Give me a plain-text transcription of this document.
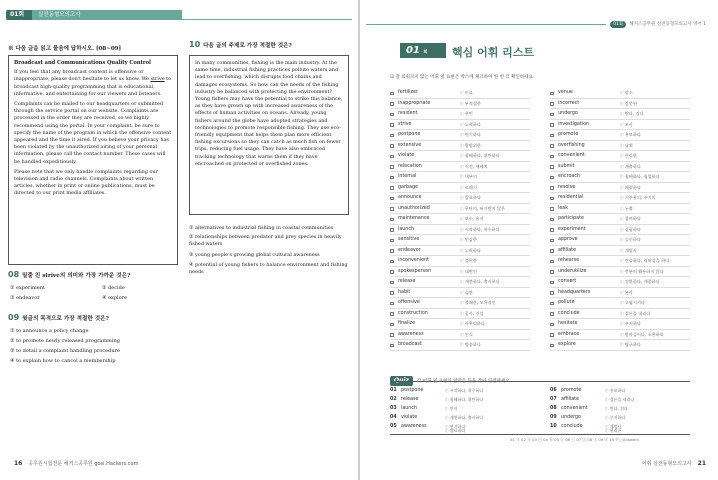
01회	실전동형모의고사
※ 다음 글을 읽고 물음에 답하시오. [08~09]
Broadcast and Communications Quality Control

If you feel that any broadcast content is offensive or inappropriate, please don't hesitate to let us know. We strive to broadcast high-quality programming that is educational, informative, and entertaining for our viewers and listeners.

Complaints can be mailed to our headquarters or submitted through the service portal on our website. Complaints are processed in the order they are received, so we highly recommend using the portal. In your complaint, be sure to specify the name of the program in which the offensive content appeared and the time it aired. If you believe your privacy has been violated by the unauthorized airing of your personal information, please call the contact number. These cases will be handled expeditiously.

Please note that we only handle complaints regarding our television and radio channels. Complaints about written articles, whether in print or online publications, must be directed to our print media affiliates.

08 밑줄 친 strive의 의미와 가장 가까운 것은?
① experiment	② decide
③ endeavor	④ explore
09 윗글의 목적으로 가장 적절한 것은?
① to announce a policy change
② to promote newly released programming
③ to detail a complaint handling procedure
④ to explain how to cancel a membership
10 다음 글의 주제로 가장 적절한 것은?
In many communities, fishing is the main industry. At the same time, industrial fishing practices pollute waters and lead to overfishing, which disrupts food chains and damages ecosystems. So how can the needs of the fishing industry be balanced with protecting the environment? Young fishers may have the potential to strike this balance, as they have grown up with increased awareness of the effects of human activities on oceans. Already, young fishers around the globe have adopted strategies and technologies to promote responsible fishing. They use eco-friendly equipment that helps them plan more efficient fishing excursions so they can catch as much fish on fewer trips, reducing fuel usage. They have also embraced tracking technology that warns them if they have encroached on protected or overfished zones.
① alternatives to industrial fishing in coastal communities
② relationships between predator and prey species in heavily fished waters
③ young people's growing global cultural awareness
④ potential of young fishers to balance environment and fishing needs
16 공무원시험전문 해커스공무원 gosi.Hackers.com
01회 해커스공무원 실전동형모의고사 영어 1
01 회	핵심 어휘 리스트
☑ 잘 외워지지 않는 어휘 옆 표현은 박스에 체크하여 한 번 더 확인하세요.
fertilizer	ⓘ 비료
inappropriate	ⓘ 부적절한
resident	ⓘ 주민
strive	ⓘ 노력하다
postpone	ⓘ 연기하다
extensive	ⓘ 광범위한
violate	ⓘ 침해하다, 위반하다
relocation	ⓘ 이전, 재배치
internal	ⓘ 내부의
garbage	ⓘ 쓰레기
announce	ⓘ 발표하다
unauthorized	ⓘ 무단의, 허가받지 않은
maintenance	ⓘ 보수, 유지
launch	ⓘ 시작하다, 착수하다
sensitive	ⓘ 민감한
endeavor	ⓘ 노력하다
inconvenient	ⓘ 불편한
spokesperson	ⓘ 대변인
release	ⓘ 개봉하다, 출시하다
habit	ⓘ 습관
offensive	ⓘ 불쾌한, 모욕적인
construction	ⓘ 공사, 건설
finalize	ⓘ 마무리하다
awareness	ⓘ 인식
broadcast	ⓘ 방송하다
venue	ⓘ 장소
incorrect	ⓘ 잘못된
undergo	ⓘ 받다, 겪다
investigation	ⓘ 조사
promote	ⓘ 홍보하다
overfishing	ⓘ 남획
convenient	ⓘ 편리한
submit	ⓘ 제출하다
encroach	ⓘ 침해하다, 침입하다
resolve	ⓘ 해결하다
residential	ⓘ 거주용의, 주거의
leak	ⓘ 누출
participate	ⓘ 참여하다
experiment	ⓘ 실험하다
approve	ⓘ 승인하다
affiliate	ⓘ 계열사
rehearse	ⓘ 연습하다, 리허설을 하다
underutilize	ⓘ 충분히 활용하지 않다
convert	ⓘ 전환하다, 개종하다
headquarters	ⓘ 본사
pollute	ⓘ 오염시키다
conclude	ⓘ 결론을 내리다
hesitate	ⓘ 주저하다
embrace	ⓘ 받아들이다, 포용하다
explore	ⓘ 탐구하다
Quiz 각 어휘 옆 표현의 알맞은 뜻을 찾아 연결하세요.
01 postpone	ⓘ 시작하다, 착수하다
02 release	ⓘ 침해하다, 위반하다
03 launch	ⓘ 인식
04 violate	ⓘ 개봉하다, 출시하다
05 awareness	ⓘ 연기하다
ⓘ 발표하다
06 promote	ⓘ 홍보하다
07 affiliate	ⓘ 결론을 내리다
08 convenient	ⓘ 받다, 겪다
09 undergo	ⓘ 주저하다
10 conclude	ⓘ 계열사
ⓘ 편리한
01 ⓓ 02 ⓓ 03 ⓔ 04 ⓑ 05 ⓐ 06 ⓒ 07 ⓐ 08 ⓕ 09 ⓓ 10 ⓑ | Answers
어휘 실전동형모의고사 21
